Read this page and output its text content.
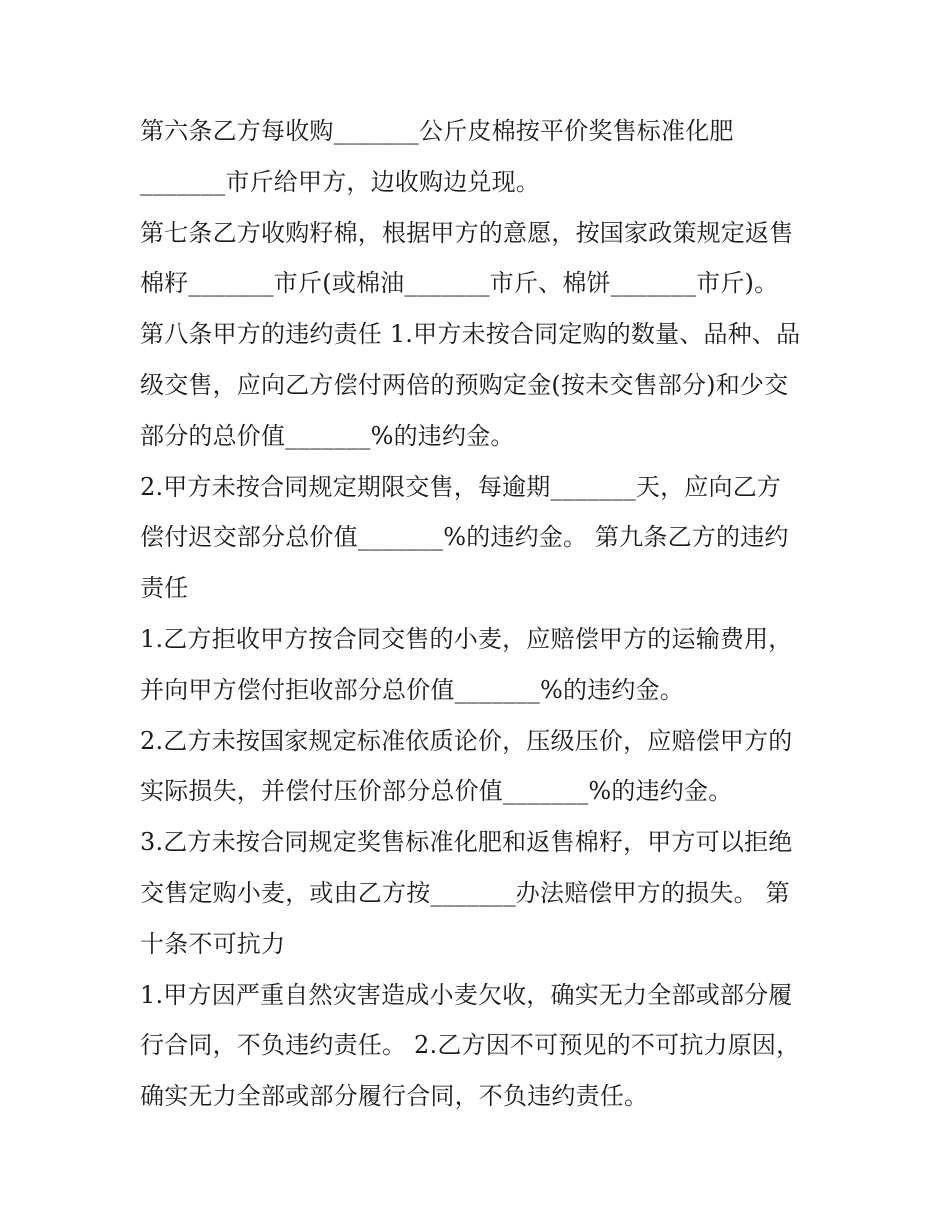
第六条乙方每收购_______公斤皮棉按平价奖售标准化肥
_______市斤给甲方，边收购边兑现。
第七条乙方收购籽棉，根据甲方的意愿，按国家政策规定返售
棉籽_______市斤(或棉油_______市斤、棉饼_______市斤)。
第八条甲方的违约责任 1.甲方未按合同定购的数量、品种、品
级交售，应向乙方偿付两倍的预购定金(按未交售部分)和少交
部分的总价值_______%的违约金。
2.甲方未按合同规定期限交售，每逾期_______天，应向乙方
偿付迟交部分总价值_______%的违约金。 第九条乙方的违约
责任
1.乙方拒收甲方按合同交售的小麦，应赔偿甲方的运输费用，
并向甲方偿付拒收部分总价值_______%的违约金。
2.乙方未按国家规定标准依质论价，压级压价，应赔偿甲方的
实际损失，并偿付压价部分总价值_______%的违约金。
3.乙方未按合同规定奖售标准化肥和返售棉籽，甲方可以拒绝
交售定购小麦，或由乙方按_______办法赔偿甲方的损失。 第
十条不可抗力
1.甲方因严重自然灾害造成小麦欠收，确实无力全部或部分履
行合同，不负违约责任。 2.乙方因不可预见的不可抗力原因，
确实无力全部或部分履行合同，不负违约责任。
